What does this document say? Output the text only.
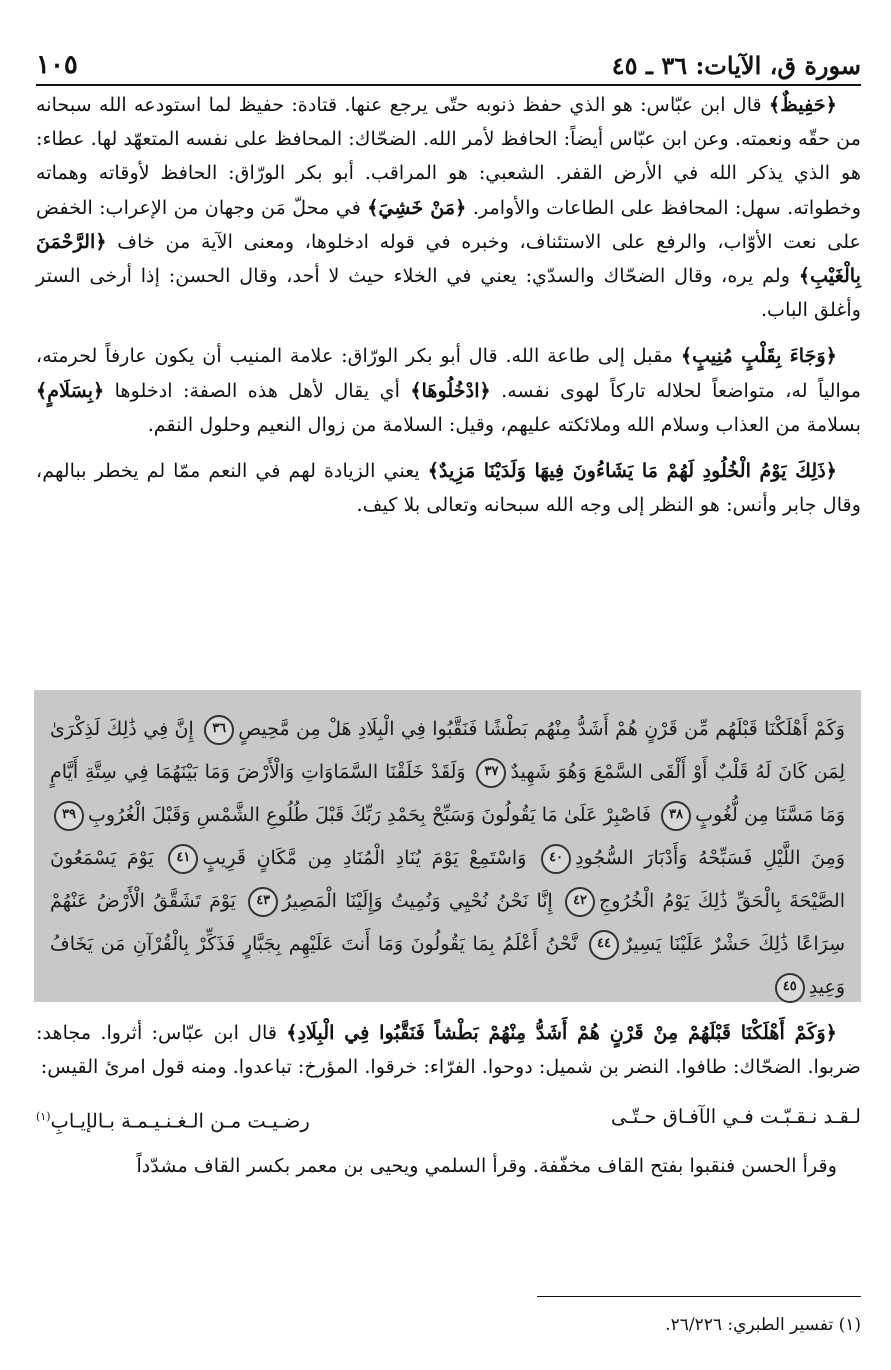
سورة ق، الآيات: ٣٦ ـ ٤٥
١٠٥

﴿حَفِيظٌ﴾ قال ابن عبّاس: هو الذي حفظ ذنوبه حتّى يرجع عنها. قتادة: حفيظ لما استودعه الله سبحانه من حقّه ونعمته. وعن ابن عبّاس أيضاً: الحافظ لأمر الله. الضحّاك: المحافظ على نفسه المتعهّد لها. عطاء: هو الذي يذكر الله في الأرض القفر. الشعبي: هو المراقب. أبو بكر الورّاق: الحافظ لأوقاته وهماته وخطواته. سهل: المحافظ على الطاعات والأوامر. ﴿مَنْ خَشِيَ﴾ في محلّ مَن وجهان من الإعراب: الخفض على نعت الأوّاب، والرفع على الاستئناف، وخبره في قوله ادخلوها، ومعنى الآية من خاف ﴿الرَّحْمَنَ بِالْغَيْبِ﴾ ولم يره، وقال الضحّاك والسدّي: يعني في الخلاء حيث لا أحد، وقال الحسن: إذا أرخى الستر وأغلق الباب.

﴿وَجَاءَ بِقَلْبٍ مُنِيبٍ﴾ مقبل إلى طاعة الله. قال أبو بكر الورّاق: علامة المنيب أن يكون عارفاً لحرمته، موالياً له، متواضعاً لحلاله تاركاً لهوى نفسه. ﴿ادْخُلُوهَا﴾ أي يقال لأهل هذه الصفة: ادخلوها ﴿بِسَلَامٍ﴾ بسلامة من العذاب وسلام الله وملائكته عليهم، وقيل: السلامة من زوال النعيم وحلول النقم.

﴿ذَلِكَ يَوْمُ الْخُلُودِ لَهُمْ مَا يَشَاءُونَ فِيهَا وَلَدَيْنَا مَزِيدٌ﴾ يعني الزيادة لهم في النعم ممّا لم يخطر ببالهم، وقال جابر وأنس: هو النظر إلى وجه الله سبحانه وتعالى بلا كيف.

وَكَمْ أَهْلَكْنَا قَبْلَهُم مِّن قَرْنٍ هُمْ أَشَدُّ مِنْهُم بَطْشًا فَنَقَّبُوا فِي الْبِلَادِ هَلْ مِن مَّحِيصٍ٣٦ إِنَّ فِي ذَٰلِكَ لَذِكْرَىٰ لِمَن كَانَ لَهُ قَلْبٌ أَوْ أَلْقَى السَّمْعَ وَهُوَ شَهِيدٌ٣٧ وَلَقَدْ خَلَقْنَا السَّمَاوَاتِ وَالْأَرْضَ وَمَا بَيْنَهُمَا فِي سِتَّةِ أَيَّامٍ وَمَا مَسَّنَا مِن لُّغُوبٍ٣٨ فَاصْبِرْ عَلَىٰ مَا يَقُولُونَ وَسَبِّحْ بِحَمْدِ رَبِّكَ قَبْلَ طُلُوعِ الشَّمْسِ وَقَبْلَ الْغُرُوبِ٣٩ وَمِنَ اللَّيْلِ فَسَبِّحْهُ وَأَدْبَارَ السُّجُودِ٤٠ وَاسْتَمِعْ يَوْمَ يُنَادِ الْمُنَادِ مِن مَّكَانٍ قَرِيبٍ٤١ يَوْمَ يَسْمَعُونَ الصَّيْحَةَ بِالْحَقِّ ذَٰلِكَ يَوْمُ الْخُرُوجِ٤٢ إِنَّا نَحْنُ نُحْيِي وَنُمِيتُ وَإِلَيْنَا الْمَصِيرُ٤٣ يَوْمَ تَشَقَّقُ الْأَرْضُ عَنْهُمْ سِرَاعًا ذَٰلِكَ حَشْرٌ عَلَيْنَا يَسِيرٌ٤٤ نَّحْنُ أَعْلَمُ بِمَا يَقُولُونَ وَمَا أَنتَ عَلَيْهِم بِجَبَّارٍ فَذَكِّرْ بِالْقُرْآنِ مَن يَخَافُ وَعِيدِ٤٥

﴿وَكَمْ أَهْلَكْنَا قَبْلَهُمْ مِنْ قَرْنٍ هُمْ أَشَدُّ مِنْهُمْ بَطْشاً فَنَقَّبُوا فِي الْبِلَادِ﴾ قال ابن عبّاس: أثروا. مجاهد: ضربوا. الضحّاك: طافوا. النضر بن شميل: دوحوا. الفرّاء: خرقوا. المؤرخ: تباعدوا. ومنه قول امرئ القيس:

لـقـد نـقـبّـت فـي الآفـاق حـتّـى
رضـيـت مـن الـغـنـيـمـة بـالإيـابِ$^{(١)}$

وقرأ الحسن فنقبوا بفتح القاف مخفّفة. وقرأ السلمي ويحيى بن معمر بكسر القاف مشدّداً

(١) تفسير الطبري: ٢٦/٢٢٦.
